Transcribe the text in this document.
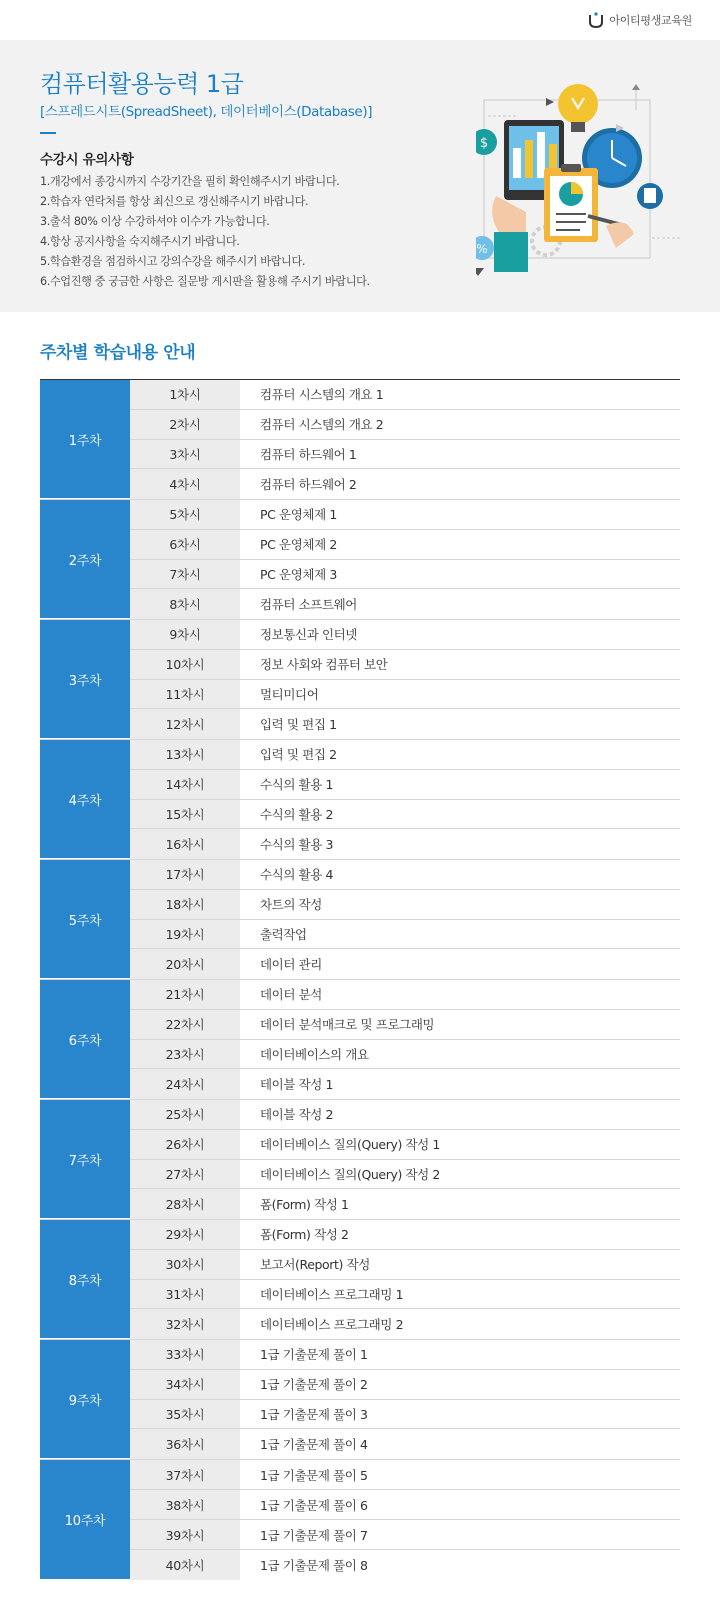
아이티평생교육원
컴퓨터활용능력 1급
[스프레드시트(SpreadSheet), 데이터베이스(Database)]
수강시 유의사항
1.개강에서 종강시까지 수강기간을 필히 확인해주시기 바랍니다.
2.학습자 연락처를 항상 최신으로 갱신해주시기 바랍니다.
3.출석 80% 이상 수강하셔야 이수가 가능합니다.
4.항상 공지사항을 숙지해주시기 바랍니다.
5.학습환경을 점검하시고 강의수강을 해주시기 바랍니다.
6.수업진행 중 궁금한 사항은 질문방 게시판을 활용해 주시기 바랍니다.
$
%
주차별 학습내용 안내
1주차
1차시	컴퓨터 시스템의 개요 1
2차시	컴퓨터 시스템의 개요 2
3차시	컴퓨터 하드웨어 1
4차시	컴퓨터 하드웨어 2
2주차
5차시	PC 운영체제 1
6차시	PC 운영체제 2
7차시	PC 운영체제 3
8차시	컴퓨터 소프트웨어
3주차
9차시	정보통신과 인터넷
10차시	정보 사회와 컴퓨터 보안
11차시	멀티미디어
12차시	입력 및 편집 1
4주차
13차시	입력 및 편집 2
14차시	수식의 활용 1
15차시	수식의 활용 2
16차시	수식의 활용 3
5주차
17차시	수식의 활용 4
18차시	차트의 작성
19차시	출력작업
20차시	데이터 관리
6주차
21차시	데이터 분석
22차시	데이터 분석매크로 및 프로그래밍
23차시	데이터베이스의 개요
24차시	테이블 작성 1
7주차
25차시	테이블 작성 2
26차시	데이터베이스 질의(Query) 작성 1
27차시	데이터베이스 질의(Query) 작성 2
28차시	폼(Form) 작성 1
8주차
29차시	폼(Form) 작성 2
30차시	보고서(Report) 작성
31차시	데이터베이스 프로그래밍 1
32차시	데이터베이스 프로그래밍 2
9주차
33차시	1급 기출문제 풀이 1
34차시	1급 기출문제 풀이 2
35차시	1급 기출문제 풀이 3
36차시	1급 기출문제 풀이 4
10주차
37차시	1급 기출문제 풀이 5
38차시	1급 기출문제 풀이 6
39차시	1급 기출문제 풀이 7
40차시	1급 기출문제 풀이 8
